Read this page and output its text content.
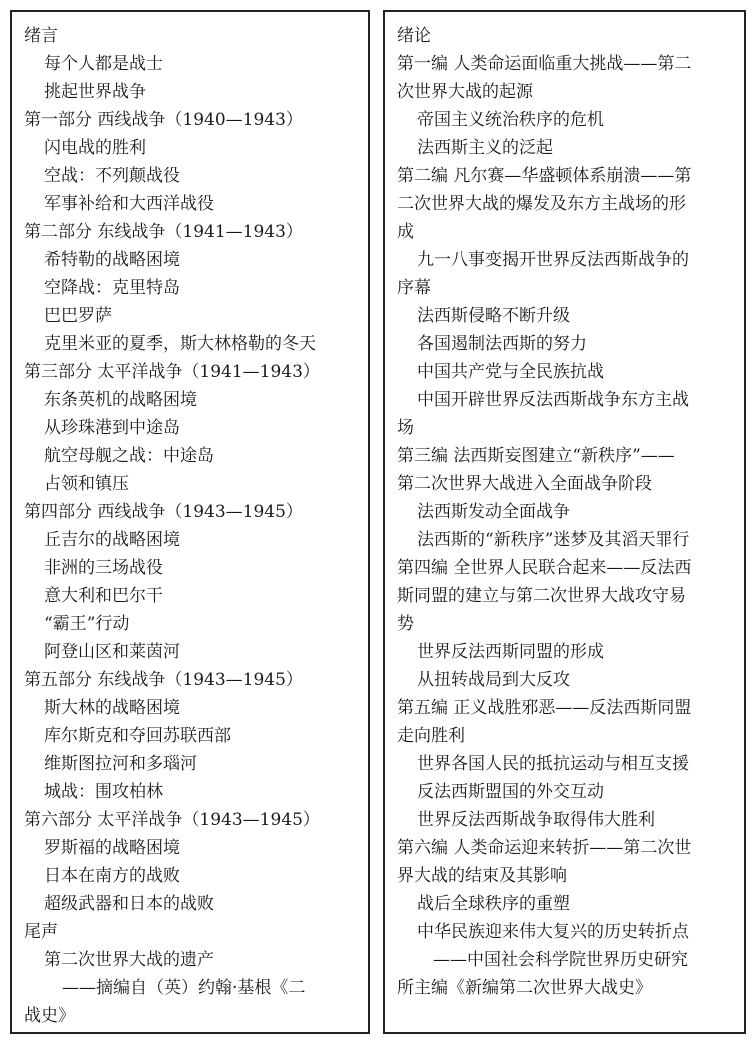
绪言
每个人都是战士
挑起世界战争
第一部分 西线战争（1940—1943）
闪电战的胜利
空战：不列颠战役
军事补给和大西洋战役
第二部分 东线战争（1941—1943）
希特勒的战略困境
空降战：克里特岛
巴巴罗萨
克里米亚的夏季，斯大林格勒的冬天
第三部分 太平洋战争（1941—1943）
东条英机的战略困境
从珍珠港到中途岛
航空母舰之战：中途岛
占领和镇压
第四部分 西线战争（1943—1945）
丘吉尔的战略困境
非洲的三场战役
意大利和巴尔干
“霸王”行动
阿登山区和莱茵河
第五部分 东线战争（1943—1945）
斯大林的战略困境
库尔斯克和夺回苏联西部
维斯图拉河和多瑙河
城战：围攻柏林
第六部分 太平洋战争（1943—1945）
罗斯福的战略困境
日本在南方的战败
超级武器和日本的战败
尾声
第二次世界大战的遗产
——摘编自（英）约翰·基根《二
战史》
绪论
第一编 人类命运面临重大挑战——第二
次世界大战的起源
帝国主义统治秩序的危机
法西斯主义的泛起
第二编 凡尔赛—华盛顿体系崩溃——第
二次世界大战的爆发及东方主战场的形
成
九一八事变揭开世界反法西斯战争的
序幕
法西斯侵略不断升级
各国遏制法西斯的努力
中国共产党与全民族抗战
中国开辟世界反法西斯战争东方主战
场
第三编 法西斯妄图建立“新秩序”——
第二次世界大战进入全面战争阶段
法西斯发动全面战争
法西斯的“新秩序”迷梦及其滔天罪行
第四编 全世界人民联合起来——反法西
斯同盟的建立与第二次世界大战攻守易
势
世界反法西斯同盟的形成
从扭转战局到大反攻
第五编 正义战胜邪恶——反法西斯同盟
走向胜利
世界各国人民的抵抗运动与相互支援
反法西斯盟国的外交互动
世界反法西斯战争取得伟大胜利
第六编 人类命运迎来转折——第二次世
界大战的结束及其影响
战后全球秩序的重塑
中华民族迎来伟大复兴的历史转折点
——中国社会科学院世界历史研究
所主编《新编第二次世界大战史》
